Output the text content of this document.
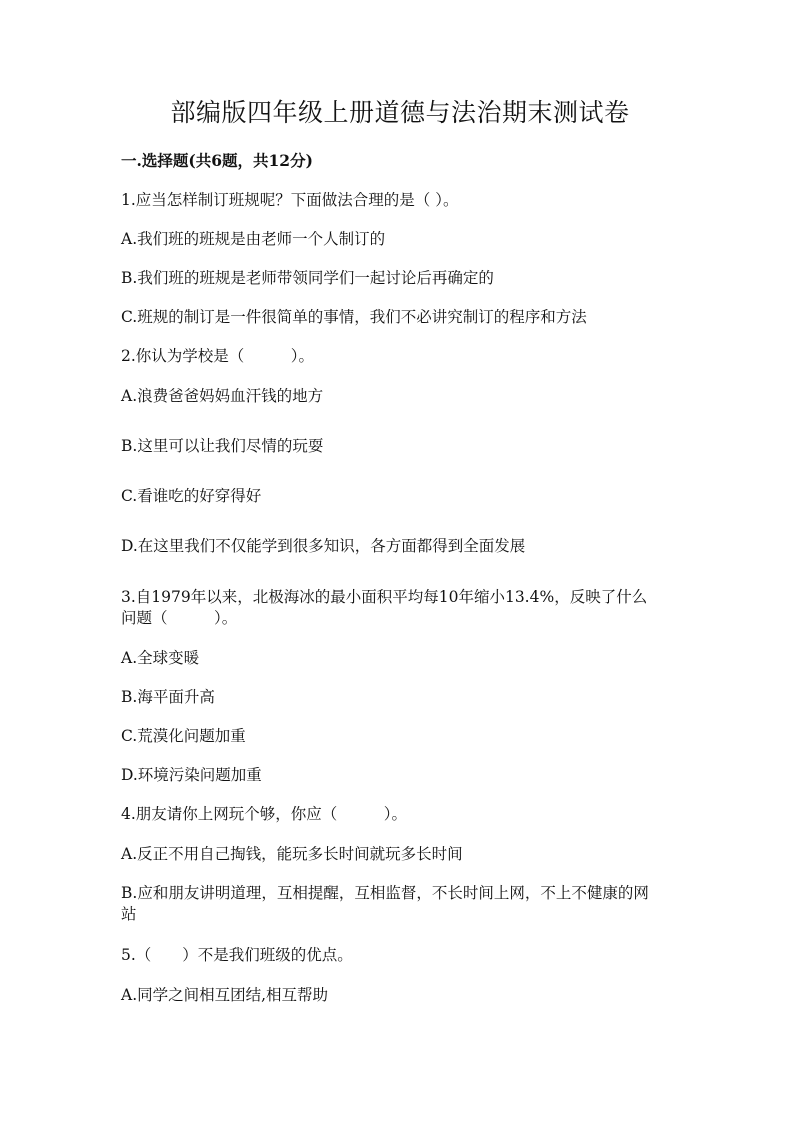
部编版四年级上册道德与法治期末测试卷
一.选择题(共6题，共12分)
1.应当怎样制订班规呢？下面做法合理的是（ ）。
A.我们班的班规是由老师一个人制订的
B.我们班的班规是老师带领同学们一起讨论后再确定的
C.班规的制订是一件很简单的事情，我们不必讲究制订的程序和方法
2.你认为学校是（　　　）。
A.浪费爸爸妈妈血汗钱的地方
B.这里可以让我们尽情的玩耍
C.看谁吃的好穿得好
D.在这里我们不仅能学到很多知识，各方面都得到全面发展
3.自1979年以来，北极海冰的最小面积平均每10年缩小13.4%，反映了什么
问题（　　　）。
A.全球变暖
B.海平面升高
C.荒漠化问题加重
D.环境污染问题加重
4.朋友请你上网玩个够，你应（　　　）。
A.反正不用自己掏钱，能玩多长时间就玩多长时间
B.应和朋友讲明道理，互相提醒，互相监督，不长时间上网，不上不健康的网
站
5.（　　）不是我们班级的优点。
A.同学之间相互团结,相互帮助
